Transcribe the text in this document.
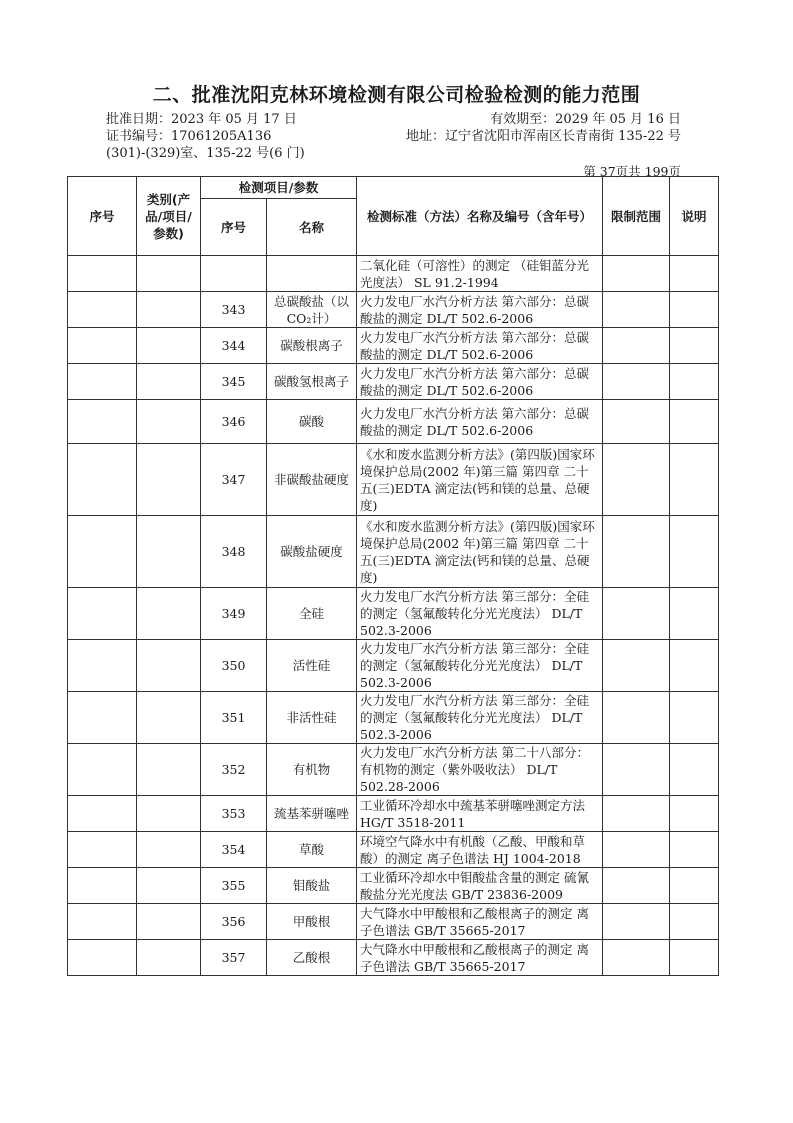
二、批准沈阳克林环境检测有限公司检验检测的能力范围
批准日期：2023 年 05 月 17 日	有效期至：2029 年 05 月 16 日
证书编号：17061205A136	地址：辽宁省沈阳市浑南区长青南街 135-22 号
(301)-(329)室、135-22 号(6 门)
第 37页共 199页
序号	类别(产品/项目/参数)	检测项目/参数		检测标准（方法）名称及编号（含年号）	限制范围	说明
		序号	名称			
				二氧化硅（可溶性）的测定 （硅钼蓝分光光度法） SL 91.2-1994		
		343	总碳酸盐（以CO₂计）	火力发电厂水汽分析方法 第六部分：总碳酸盐的测定 DL/T 502.6-2006		
		344	碳酸根离子	火力发电厂水汽分析方法 第六部分：总碳酸盐的测定 DL/T 502.6-2006		
		345	碳酸氢根离子	火力发电厂水汽分析方法 第六部分：总碳酸盐的测定 DL/T 502.6-2006		
		346	碳酸	火力发电厂水汽分析方法 第六部分：总碳酸盐的测定 DL/T 502.6-2006		
		347	非碳酸盐硬度	《水和废水监测分析方法》(第四版)国家环境保护总局(2002 年)第三篇 第四章 二十五(三)EDTA 滴定法(钙和镁的总量、总硬度)		
		348	碳酸盐硬度	《水和废水监测分析方法》(第四版)国家环境保护总局(2002 年)第三篇 第四章 二十五(三)EDTA 滴定法(钙和镁的总量、总硬度)		
		349	全硅	火力发电厂水汽分析方法 第三部分：全硅的测定（氢氟酸转化分光光度法） DL/T 502.3-2006		
		350	活性硅	火力发电厂水汽分析方法 第三部分：全硅的测定（氢氟酸转化分光光度法） DL/T 502.3-2006		
		351	非活性硅	火力发电厂水汽分析方法 第三部分：全硅的测定（氢氟酸转化分光光度法） DL/T 502.3-2006		
		352	有机物	火力发电厂水汽分析方法 第二十八部分：有机物的测定（紫外吸收法） DL/T 502.28-2006		
		353	巯基苯骈噻唑	工业循环冷却水中巯基苯骈噻唑测定方法 HG/T 3518-2011		
		354	草酸	环境空气降水中有机酸（乙酸、甲酸和草酸）的测定 离子色谱法 HJ 1004-2018		
		355	钼酸盐	工业循环冷却水中钼酸盐含量的测定 硫氰酸盐分光光度法 GB/T 23836-2009		
		356	甲酸根	大气降水中甲酸根和乙酸根离子的测定 离子色谱法 GB/T 35665-2017		
		357	乙酸根	大气降水中甲酸根和乙酸根离子的测定 离子色谱法 GB/T 35665-2017		
